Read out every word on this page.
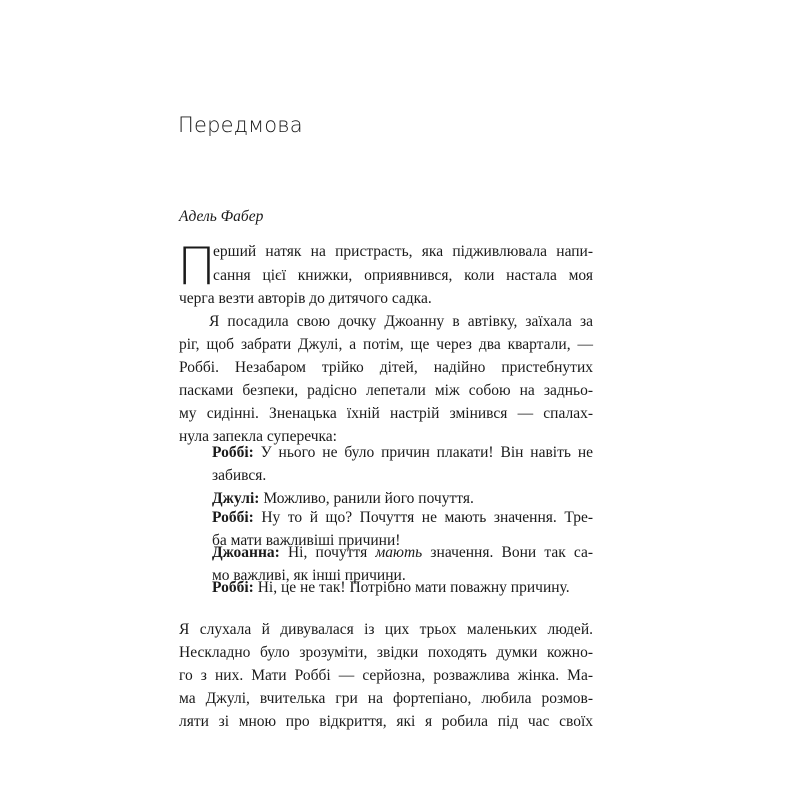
Передмова
Адель Фабер
П
ерший натяк на пристрасть, яка підживлювала напи-
сання цієї книжки, оприявнився, коли настала моя
черга везти авторів до дитячого садка.
Я посадила свою дочку Джоанну в автівку, заїхала за
ріг, щоб забрати Джулі, а потім, ще через два квартали, —
Роббі. Незабаром трійко дітей, надійно пристебнутих
пасками безпеки, радісно лепетали між собою на задньо-
му сидінні. Зненацька їхній настрій змінився — спалах-
нула запекла суперечка:
Роббі: У нього не було причин плакати! Він навіть не
забився.
Джулі: Можливо, ранили його почуття.
Роббі: Ну то й що? Почуття не мають значення. Тре-
ба мати важливіші причини!
Джоанна: Ні, почуття мають значення. Вони так са-
мо важливі, як інші причини.
Роббі: Ні, це не так! Потрібно мати поважну причину.
Я слухала й дивувалася із цих трьох маленьких людей.
Нескладно було зрозуміти, звідки походять думки кожно-
го з них. Мати Роббі — серйозна, розважлива жінка. Ма-
ма Джулі, вчителька гри на фортепіано, любила розмов-
ляти зі мною про відкриття, які я робила під час своїх
